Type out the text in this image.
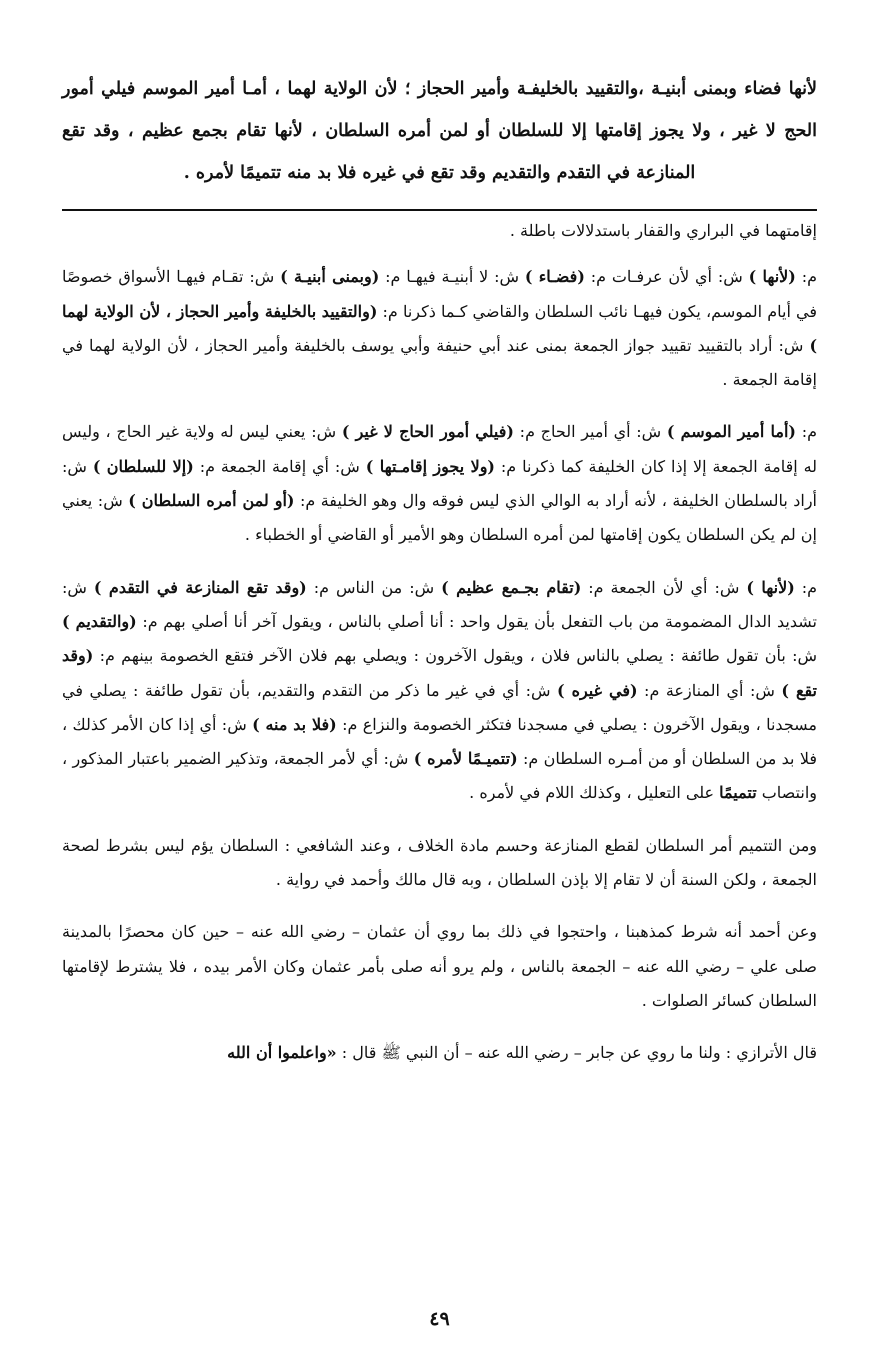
لأنها فضاء وبمنى أبنيـة ،والتقييد بالخليفـة وأمير الحجاز ؛ لأن الولاية لهما ، أمـا أمير الموسم فيلي أمور الحج لا غير ، ولا يجوز إقامتها إلا للسلطان أو لمن أمره السلطان ، لأنها تقام بجمع عظيم ، وقد تقع المنازعة في التقدم والتقديم وقد تقع في غيره فلا بد منه تتميمًا لأمره .

إقامتهما في البراري والقفار باستدلالات باطلة .

م: (لأنها ) ش: أي لأن عرفـات م: (فضـاء ) ش: لا أبنيـة فيهـا م: (وبمنى أبنيـة ) ش: تقـام فيهـا الأسواق خصوصًا في أيام الموسم، يكون فيهـا نائب السلطان والقاضي كـما ذكرنا م: (والتقييد بالخليفة وأمير الحجاز ، لأن الولاية لهما ) ش: أراد بالتقييد تقييد جواز الجمعة بمنى عند أبي حنيفة وأبي يوسف بالخليفة وأمير الحجاز ، لأن الولاية لهما في إقامة الجمعة .

م: (أما أمير الموسم ) ش: أي أمير الحاج م: (فيلي أمور الحاج لا غير ) ش: يعني ليس له ولاية غير الحاج ، وليس له إقامة الجمعة إلا إذا كان الخليفة كما ذكرنا م: (ولا يجوز إقامـتها ) ش: أي إقامة الجمعة م: (إلا للسلطان ) ش: أراد بالسلطان الخليفة ، لأنه أراد به الوالي الذي ليس فوقه وال وهو الخليفة م: (أو لمن أمره السلطان ) ش: يعني إن لم يكن السلطان يكون إقامتها لمن أمره السلطان وهو الأمير أو القاضي أو الخطباء .

م: (لأنها ) ش: أي لأن الجمعة م: (تقام بجـمع عظيم ) ش: من الناس م: (وقد تقع المنازعة في التقدم ) ش: تشديد الدال المضمومة من باب التفعل بأن يقول واحد : أنا أصلي بالناس ، ويقول آخر أنا أصلي بهم م: (والتقديم ) ش: بأن تقول طائفة : يصلي بالناس فلان ، ويقول الآخرون : ويصلي بهم فلان الآخر فتقع الخصومة بينهم م: (وقد تقع ) ش: أي المنازعة م: (في غيره ) ش: أي في غير ما ذكر من التقدم والتقديم، بأن تقول طائفة : يصلي في مسجدنا ، ويقول الآخرون : يصلي في مسجدنا فتكثر الخصومة والنزاع م: (فلا بد منه ) ش: أي إذا كان الأمر كذلك ، فلا بد من السلطان أو من أمـره السلطان م: (تتميـمًا لأمره ) ش: أي لأمر الجمعة، وتذكير الضمير باعتبار المذكور ، وانتصاب تتميمًا على التعليل ، وكذلك اللام في لأمره .

ومن التتميم أمر السلطان لقطع المنازعة وحسم مادة الخلاف ، وعند الشافعي : السلطان يؤم ليس بشرط لصحة الجمعة ، ولكن السنة أن لا تقام إلا بإذن السلطان ، وبه قال مالك وأحمد في رواية .

وعن أحمد أنه شرط كمذهبنا ، واحتجوا في ذلك بما روي أن عثمان – رضي الله عنه – حين كان محصرًا بالمدينة صلى علي – رضي الله عنه – الجمعة بالناس ، ولم يرو أنه صلى بأمر عثمان وكان الأمر بيده ، فلا يشترط لإقامتها السلطان كسائر الصلوات .

قال الأترازي : ولنا ما روي عن جابر – رضي الله عنه – أن النبي ﷺ قال : «واعلموا أن الله

٤٩
